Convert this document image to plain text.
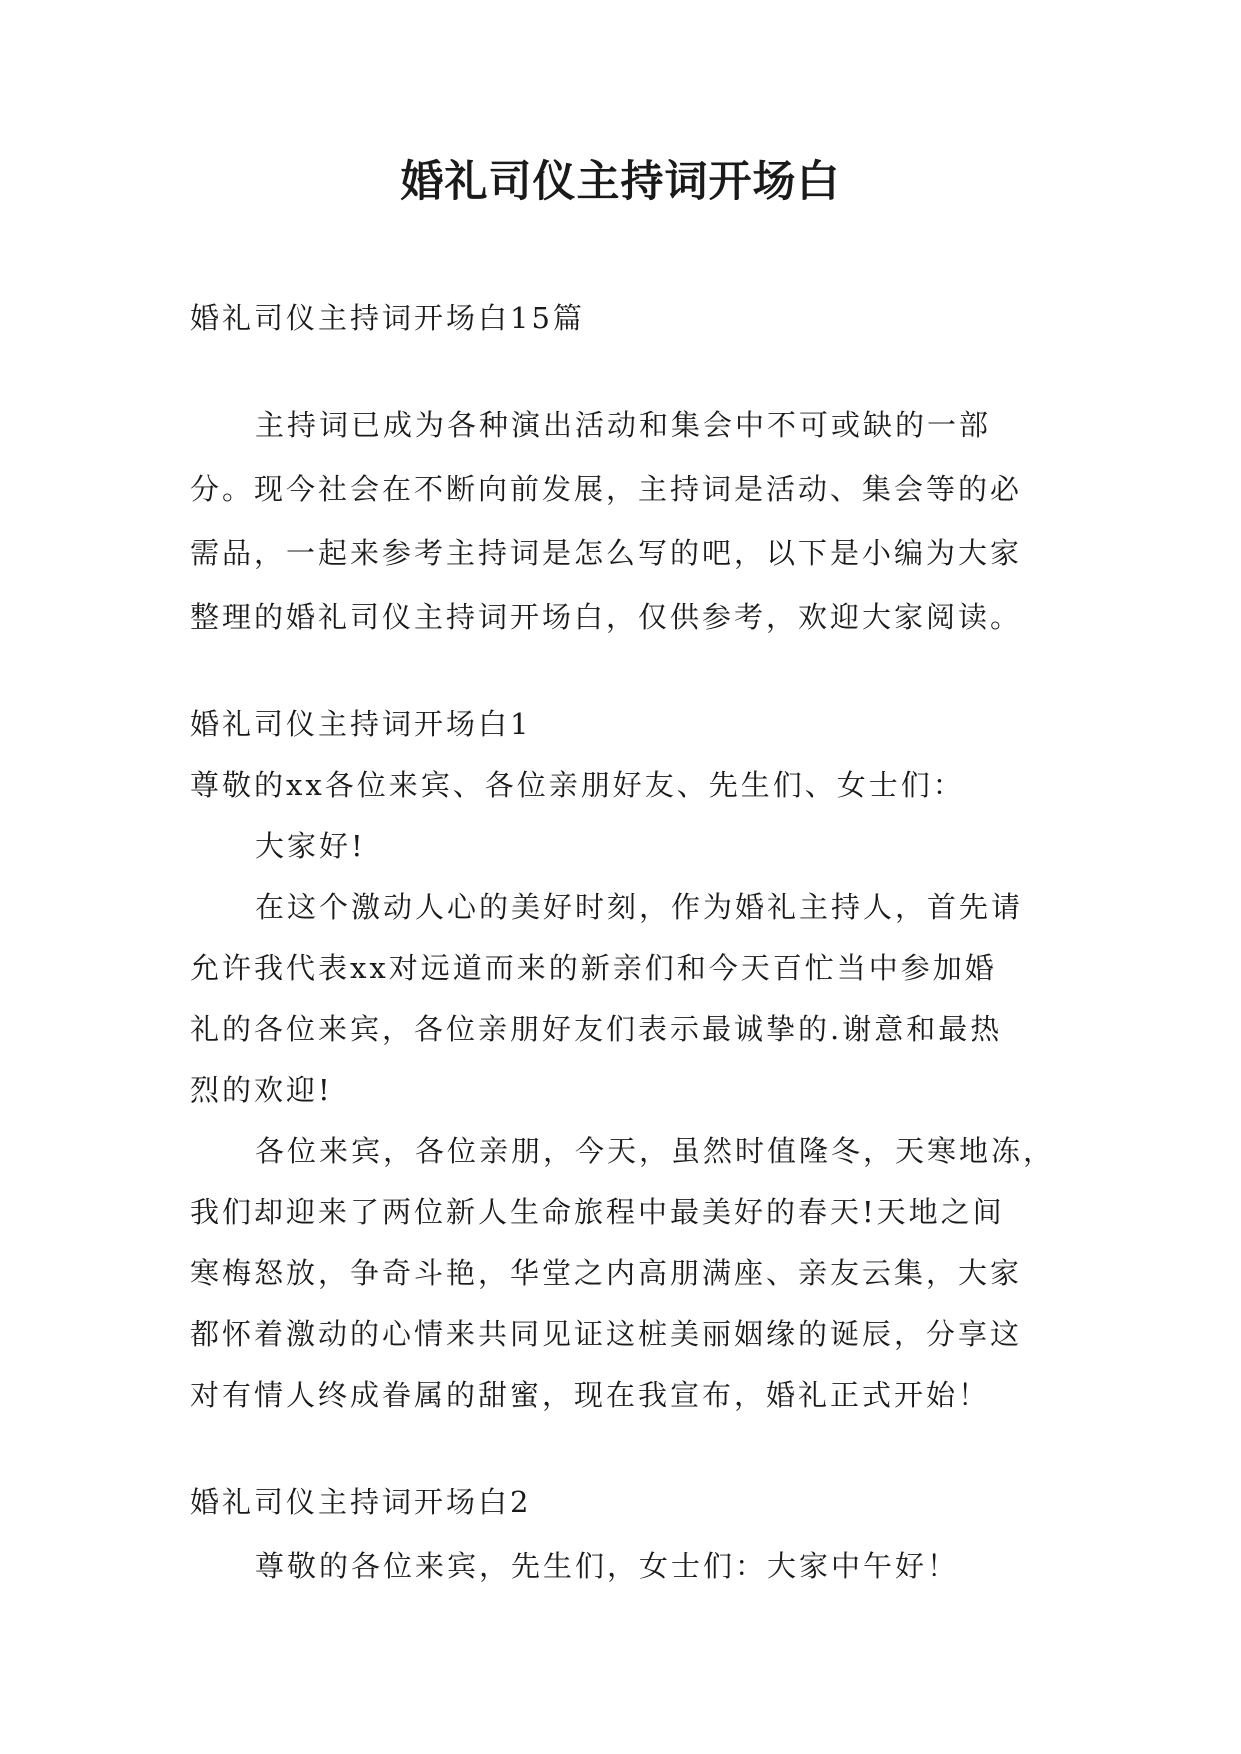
婚礼司仪主持词开场白
婚礼司仪主持词开场白15篇
主持词已成为各种演出活动和集会中不可或缺的一部
分。现今社会在不断向前发展，主持词是活动、集会等的必
需品，一起来参考主持词是怎么写的吧，以下是小编为大家
整理的婚礼司仪主持词开场白，仅供参考，欢迎大家阅读。
婚礼司仪主持词开场白1
尊敬的xx各位来宾、各位亲朋好友、先生们、女士们：
大家好!
在这个激动人心的美好时刻，作为婚礼主持人，首先请
允许我代表xx对远道而来的新亲们和今天百忙当中参加婚
礼的各位来宾，各位亲朋好友们表示最诚挚的.谢意和最热
烈的欢迎!
各位来宾，各位亲朋，今天，虽然时值隆冬，天寒地冻，
我们却迎来了两位新人生命旅程中最美好的春天!天地之间
寒梅怒放，争奇斗艳，华堂之内高朋满座、亲友云集，大家
都怀着激动的心情来共同见证这桩美丽姻缘的诞辰，分享这
对有情人终成眷属的甜蜜，现在我宣布，婚礼正式开始！
婚礼司仪主持词开场白2
尊敬的各位来宾，先生们，女士们：大家中午好！
